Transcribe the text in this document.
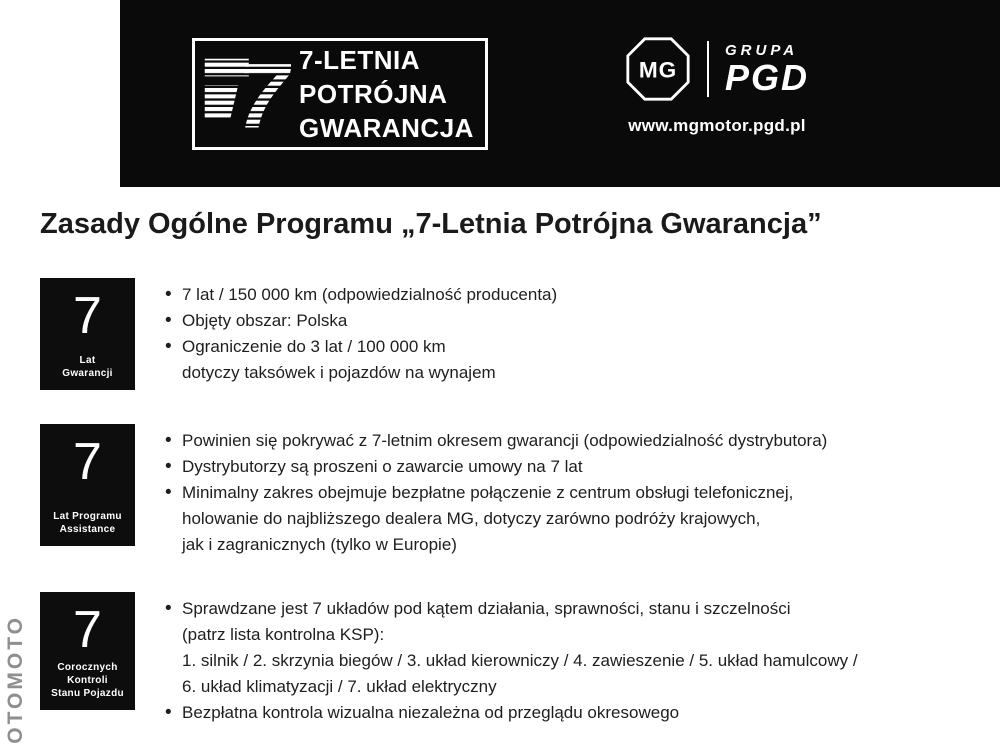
7 7-LETNIA
POTRÓJNA
GWARANCJA
MG
GRUPA
PGD
www.mgmotor.pgd.pl
Zasady Ogólne Programu „7-Letnia Potrójna Gwarancja”
7
Lat
Gwarancji
• 7 lat / 150 000 km (odpowiedzialność producenta)
• Objęty obszar: Polska
• Ograniczenie do 3 lat / 100 000 km
dotyczy taksówek i pojazdów na wynajem
7
Lat Programu
Assistance
• Powinien się pokrywać z 7-letnim okresem gwarancji (odpowiedzialność dystrybutora)
• Dystrybutorzy są proszeni o zawarcie umowy na 7 lat
• Minimalny zakres obejmuje bezpłatne połączenie z centrum obsługi telefonicznej,
holowanie do najbliższego dealera MG, dotyczy zarówno podróży krajowych,
jak i zagranicznych (tylko w Europie)
7
Corocznych Kontroli
Stanu Pojazdu
• Sprawdzane jest 7 układów pod kątem działania, sprawności, stanu i szczelności
(patrz lista kontrolna KSP):
1. silnik / 2. skrzynia biegów / 3. układ kierowniczy / 4. zawieszenie / 5. układ hamulcowy /
6. układ klimatyzacji / 7. układ elektryczny
• Bezpłatna kontrola wizualna niezależna od przeglądu okresowego
OTOMOTO
